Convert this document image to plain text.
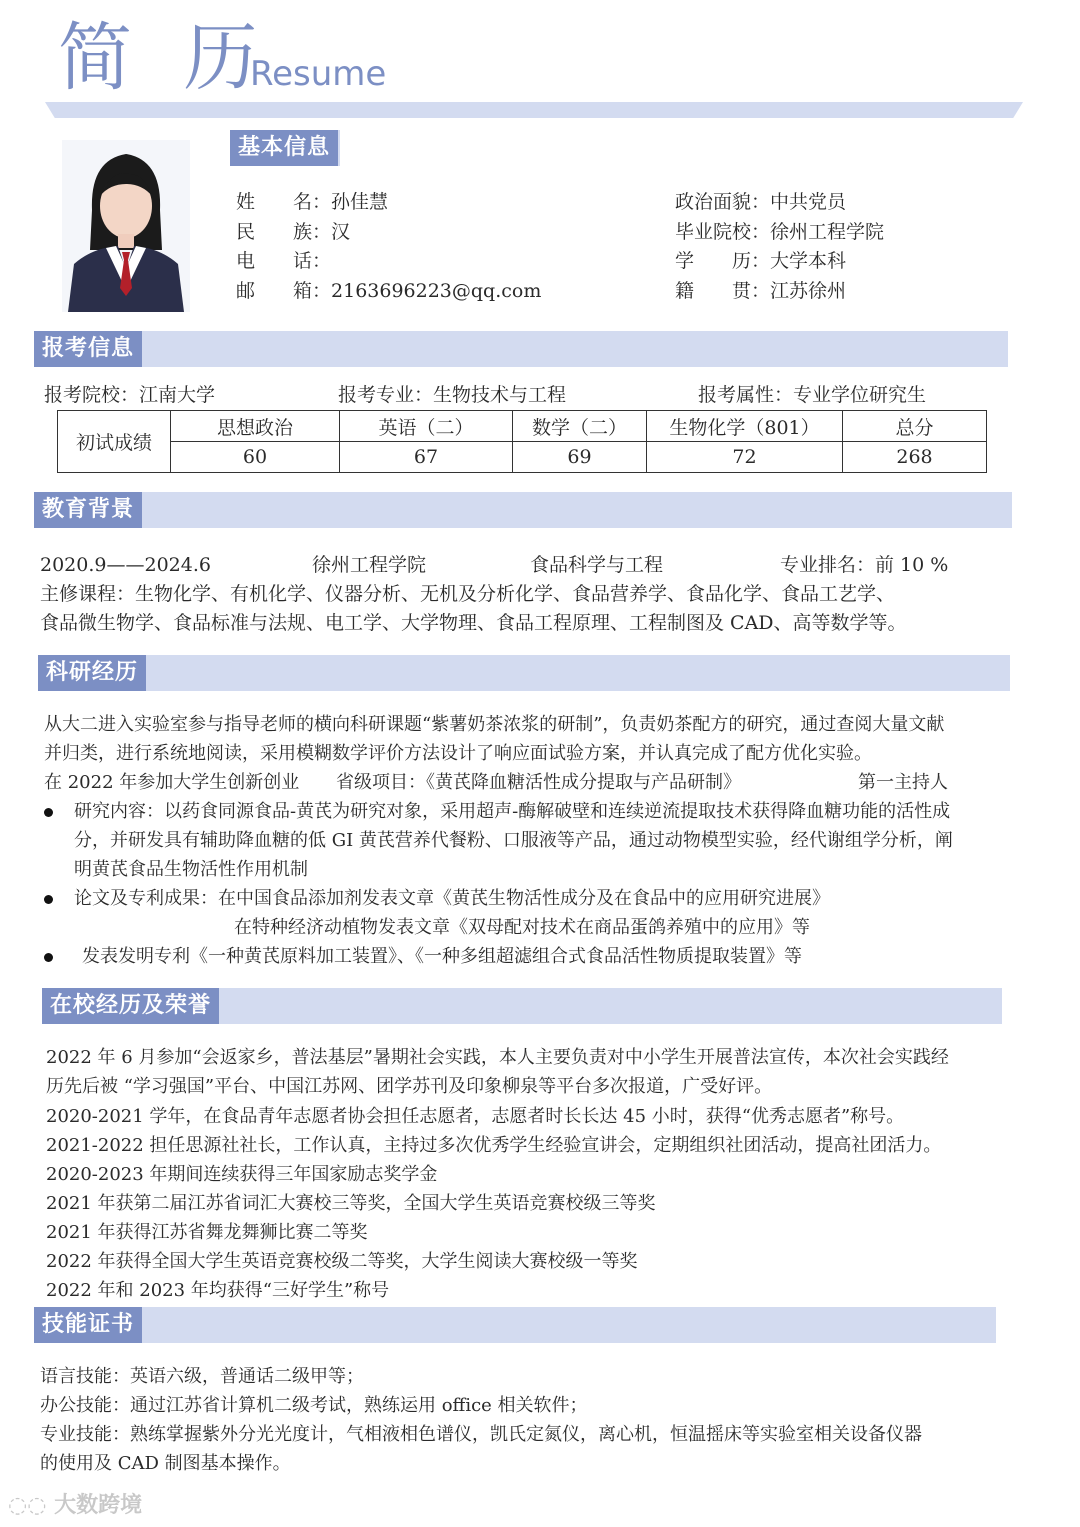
简 历
Resume
基本信息
姓　　名：孙佳慧
民　　族：汉
电　　话：
邮　　箱：2163696223@qq.com
政治面貌：中共党员
毕业院校：徐州工程学院
学　　历：大学本科
籍　　贯：江苏徐州
报考信息
报考院校：江南大学	报考专业：生物技术与工程	报考属性：专业学位研究生
初试成绩	思想政治	英语（二）	数学（二）	生物化学（801）	总分
	60	67	69	72	268
教育背景
2020.9——2024.6	徐州工程学院	食品科学与工程	专业排名：前 10 %
主修课程：生物化学、有机化学、仪器分析、无机及分析化学、食品营养学、食品化学、食品工艺学、
食品微生物学、食品标准与法规、电工学、大学物理、食品工程原理、工程制图及 CAD、高等数学等。
科研经历
从大二进入实验室参与指导老师的横向科研课题“紫薯奶茶浓浆的研制”，负责奶茶配方的研究，通过查阅大量文献
并归类，进行系统地阅读，采用模糊数学评价方法设计了响应面试验方案，并认真完成了配方优化实验。
在 2022 年参加大学生创新创业 省级项目：《黄芪降血糖活性成分提取与产品研制》	第一主持人
研究内容：以药食同源食品-黄芪为研究对象，采用超声-酶解破壁和连续逆流提取技术获得降血糖功能的活性成
分，并研发具有辅助降血糖的低 GI 黄芪营养代餐粉、口服液等产品，通过动物模型实验，经代谢组学分析，阐
明黄芪食品生物活性作用机制
论文及专利成果：在中国食品添加剂发表文章《黄芪生物活性成分及在食品中的应用研究进展》
在特种经济动植物发表文章《双母配对技术在商品蛋鸽养殖中的应用》等
发表发明专利《一种黄芪原料加工装置》、《一种多组超滤组合式食品活性物质提取装置》等
在校经历及荣誉
2022 年 6 月参加“会返家乡，普法基层”暑期社会实践，本人主要负责对中小学生开展普法宣传，本次社会实践经
历先后被 “学习强国”平台、中国江苏网、团学苏刊及印象柳泉等平台多次报道，广受好评。
2020-2021 学年，在食品青年志愿者协会担任志愿者，志愿者时长长达 45 小时，获得“优秀志愿者”称号。
2021-2022 担任思源社社长，工作认真，主持过多次优秀学生经验宣讲会，定期组织社团活动，提高社团活力。
2020-2023 年期间连续获得三年国家励志奖学金
2021 年获第二届江苏省词汇大赛校三等奖，全国大学生英语竞赛校级三等奖
2021 年获得江苏省舞龙舞狮比赛二等奖
2022 年获得全国大学生英语竞赛校级二等奖，大学生阅读大赛校级一等奖
2022 年和 2023 年均获得“三好学生”称号
技能证书
语言技能：英语六级，普通话二级甲等；
办公技能：通过江苏省计算机二级考试，熟练运用 office 相关软件；
专业技能：熟练掌握紫外分光光度计，气相液相色谱仪，凯氏定氮仪，离心机，恒温摇床等实验室相关设备仪器
的使用及 CAD 制图基本操作。
◌◌ 大数跨境
